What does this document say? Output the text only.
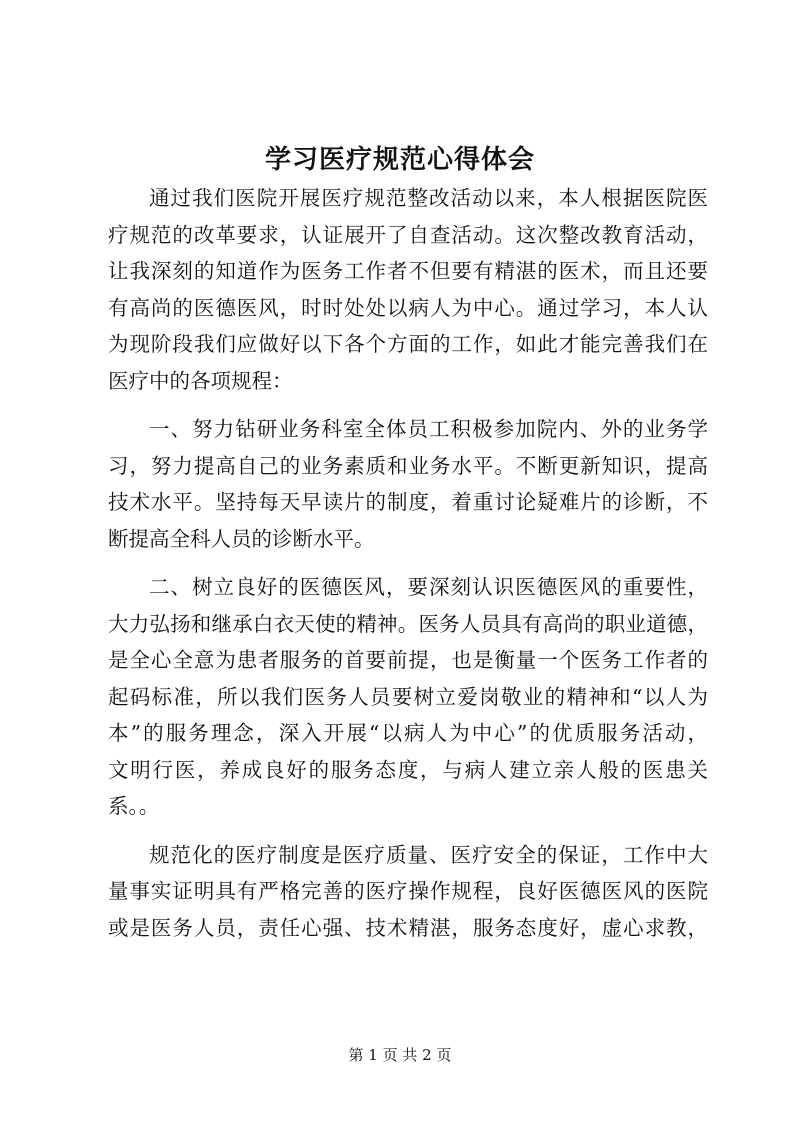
学习医疗规范心得体会

通过我们医院开展医疗规范整改活动以来，本人根据医院医
疗规范的改革要求，认证展开了自查活动。这次整改教育活动，
让我深刻的知道作为医务工作者不但要有精湛的医术，而且还要
有高尚的医德医风，时时处处以病人为中心。通过学习，本人认
为现阶段我们应做好以下各个方面的工作，如此才能完善我们在
医疗中的各项规程：

一、努力钻研业务科室全体员工积极参加院内、外的业务学
习，努力提高自己的业务素质和业务水平。不断更新知识，提高
技术水平。坚持每天早读片的制度，着重讨论疑难片的诊断，不
断提高全科人员的诊断水平。

二、树立良好的医德医风，要深刻认识医德医风的重要性，
大力弘扬和继承白衣天使的精神。医务人员具有高尚的职业道德，
是全心全意为患者服务的首要前提，也是衡量一个医务工作者的
起码标准，所以我们医务人员要树立爱岗敬业的精神和“以人为
本”的服务理念，深入开展“以病人为中心”的优质服务活动，
文明行医，养成良好的服务态度，与病人建立亲人般的医患关
系。。

规范化的医疗制度是医疗质量、医疗安全的保证，工作中大
量事实证明具有严格完善的医疗操作规程，良好医德医风的医院
或是医务人员，责任心强、技术精湛，服务态度好，虚心求教，

第 1 页 共 2 页
